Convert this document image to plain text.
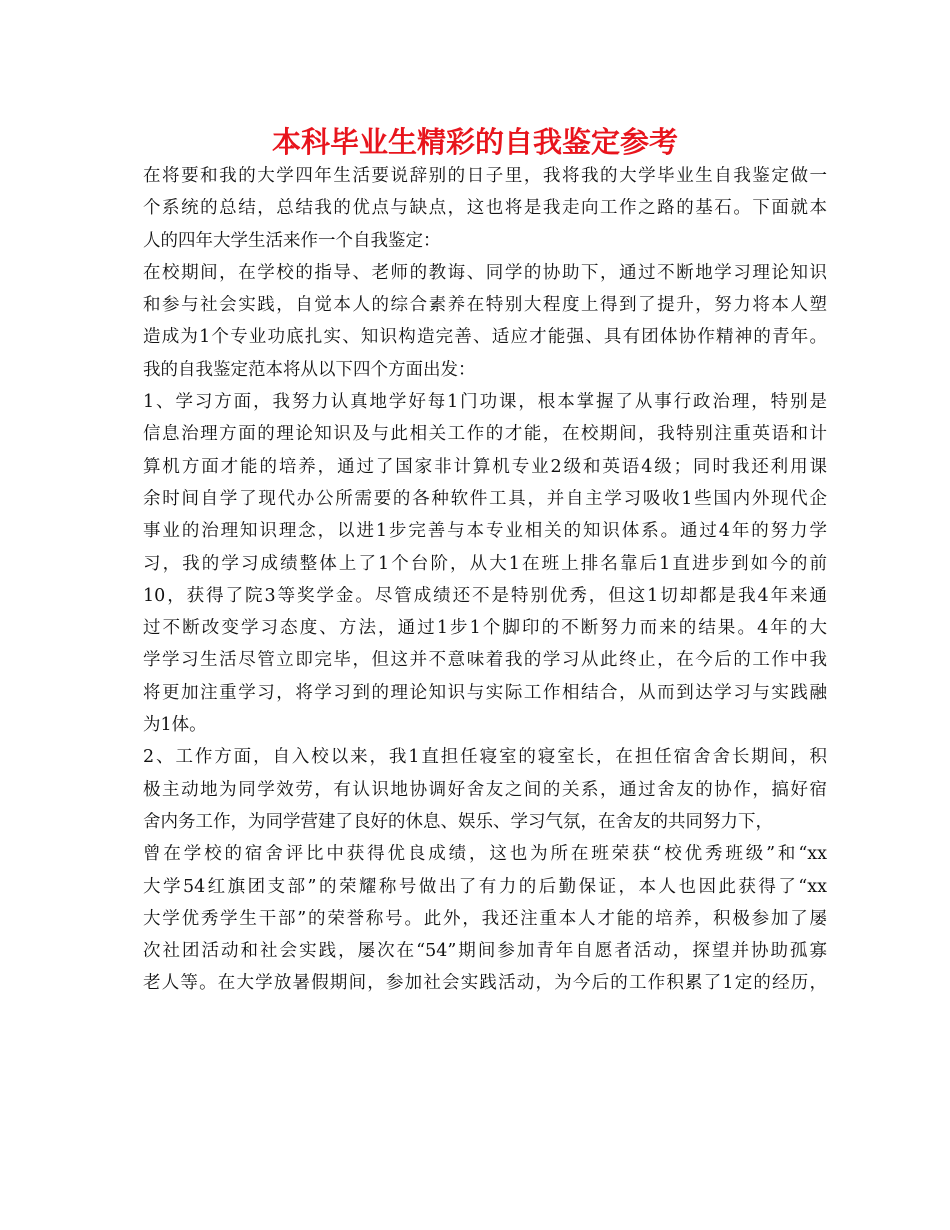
本科毕业生精彩的自我鉴定参考
在将要和我的大学四年生活要说辞别的日子里，我将我的大学毕业生自我鉴定做一
个系统的总结，总结我的优点与缺点，这也将是我走向工作之路的基石。下面就本
人的四年大学生活来作一个自我鉴定：
在校期间，在学校的指导、老师的教诲、同学的协助下，通过不断地学习理论知识
和参与社会实践，自觉本人的综合素养在特别大程度上得到了提升，努力将本人塑
造成为1个专业功底扎实、知识构造完善、适应才能强、具有团体协作精神的青年。
我的自我鉴定范本将从以下四个方面出发：
1、学习方面，我努力认真地学好每1门功课，根本掌握了从事行政治理，特别是
信息治理方面的理论知识及与此相关工作的才能，在校期间，我特别注重英语和计
算机方面才能的培养，通过了国家非计算机专业2级和英语4级；同时我还利用课
余时间自学了现代办公所需要的各种软件工具，并自主学习吸收1些国内外现代企
事业的治理知识理念，以进1步完善与本专业相关的知识体系。通过4年的努力学
习，我的学习成绩整体上了1个台阶，从大1在班上排名靠后1直进步到如今的前
10，获得了院3等奖学金。尽管成绩还不是特别优秀，但这1切却都是我4年来通
过不断改变学习态度、方法，通过1步1个脚印的不断努力而来的结果。4年的大
学学习生活尽管立即完毕，但这并不意味着我的学习从此终止，在今后的工作中我
将更加注重学习，将学习到的理论知识与实际工作相结合，从而到达学习与实践融
为1体。
2、工作方面，自入校以来，我1直担任寝室的寝室长，在担任宿舍舍长期间，积
极主动地为同学效劳，有认识地协调好舍友之间的关系，通过舍友的协作，搞好宿
舍内务工作，为同学营建了良好的休息、娱乐、学习气氛，在舍友的共同努力下，
曾在学校的宿舍评比中获得优良成绩，这也为所在班荣获“校优秀班级”和“xx
大学54红旗团支部”的荣耀称号做出了有力的后勤保证，本人也因此获得了“xx
大学优秀学生干部”的荣誉称号。此外，我还注重本人才能的培养，积极参加了屡
次社团活动和社会实践，屡次在“54”期间参加青年自愿者活动，探望并协助孤寡
老人等。在大学放暑假期间，参加社会实践活动，为今后的工作积累了1定的经历，
